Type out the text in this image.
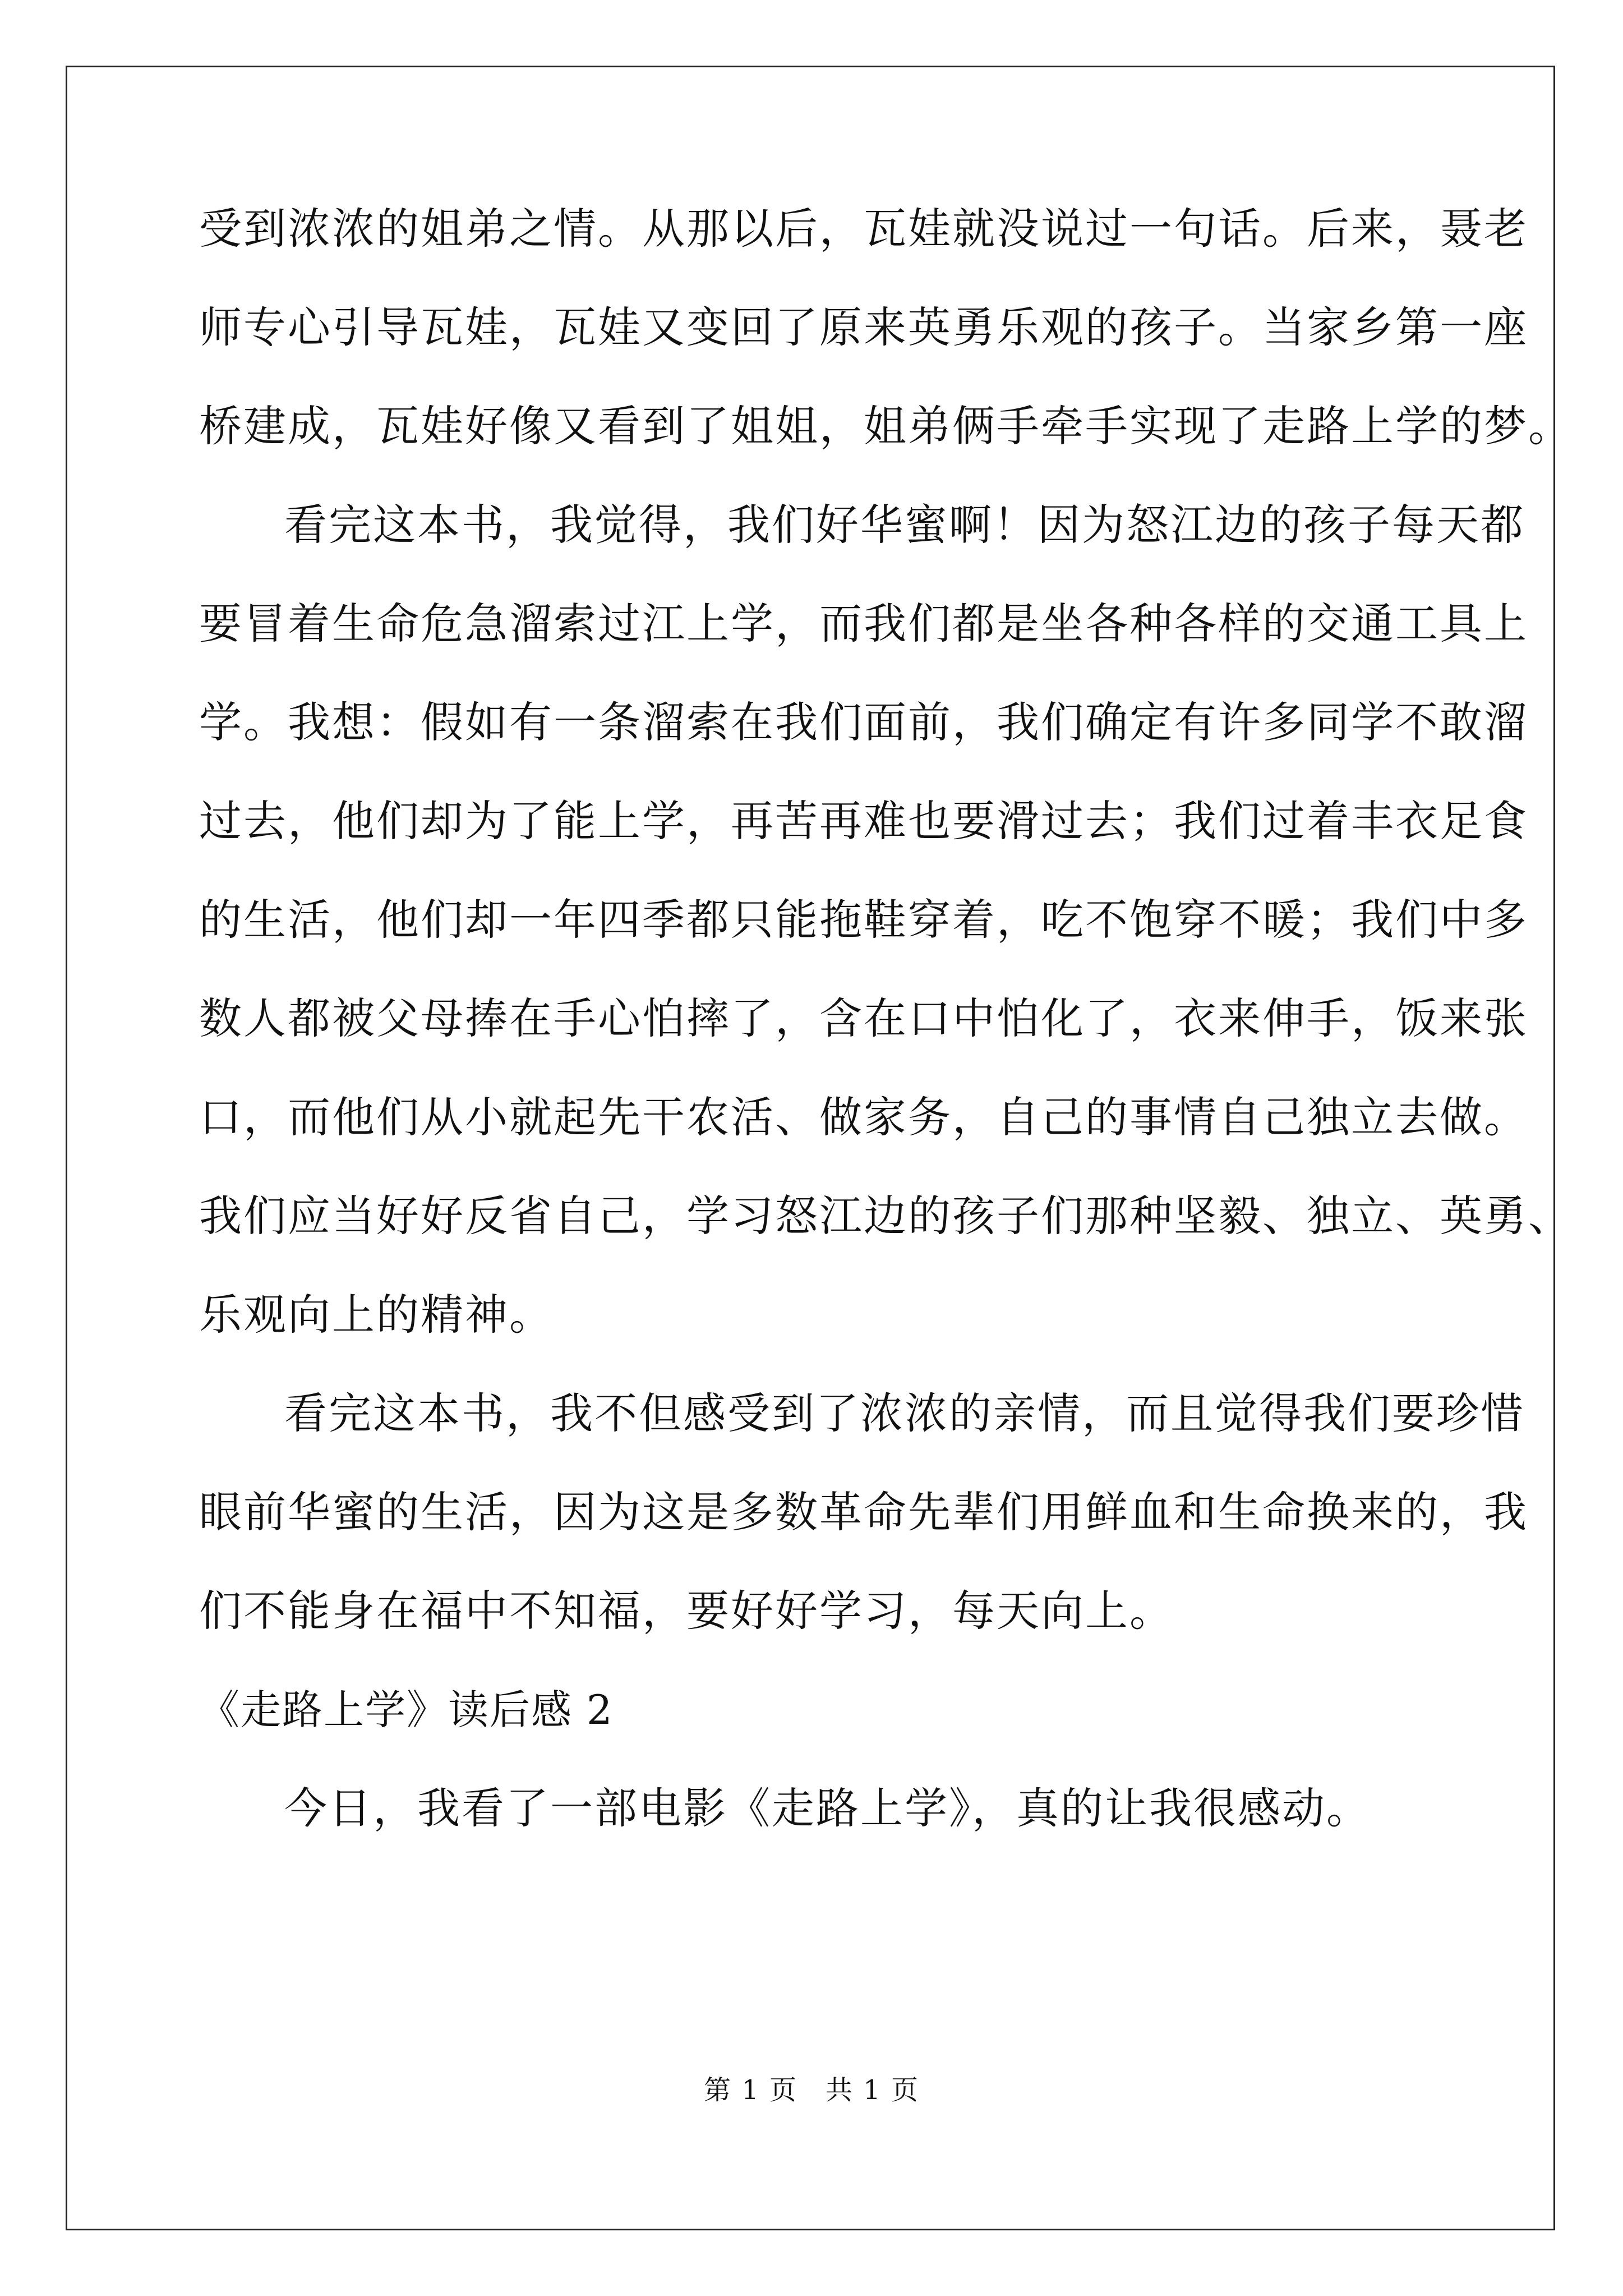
受到浓浓的姐弟之情。从那以后，瓦娃就没说过一句话。后来，聂老
师专心引导瓦娃，瓦娃又变回了原来英勇乐观的孩子。当家乡第一座
桥建成，瓦娃好像又看到了姐姐，姐弟俩手牵手实现了走路上学的梦。
看完这本书，我觉得，我们好华蜜啊！因为怒江边的孩子每天都
要冒着生命危急溜索过江上学，而我们都是坐各种各样的交通工具上
学。我想：假如有一条溜索在我们面前，我们确定有许多同学不敢溜
过去，他们却为了能上学，再苦再难也要滑过去；我们过着丰衣足食
的生活，他们却一年四季都只能拖鞋穿着，吃不饱穿不暖；我们中多
数人都被父母捧在手心怕摔了，含在口中怕化了，衣来伸手，饭来张
口，而他们从小就起先干农活、做家务，自己的事情自己独立去做。
我们应当好好反省自己，学习怒江边的孩子们那种坚毅、独立、英勇、
乐观向上的精神。
看完这本书，我不但感受到了浓浓的亲情，而且觉得我们要珍惜
眼前华蜜的生活，因为这是多数革命先辈们用鲜血和生命换来的，我
们不能身在福中不知福，要好好学习，每天向上。
《走路上学》读后感 2
今日，我看了一部电影《走路上学》，真的让我很感动。
第 1 页　共 1 页
